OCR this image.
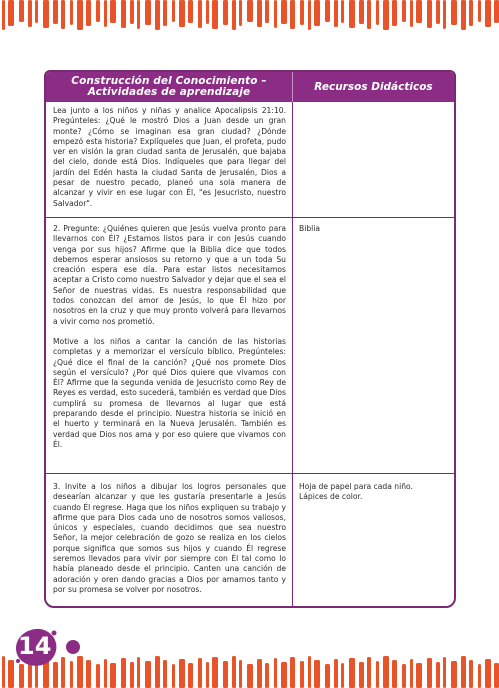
Construcción del Conocimiento –
Actividades de aprendizaje	Recursos Didácticos

Lea junto a los niños y niñas y analice Apocalipsis 21:10. Pregúnteles: ¿Qué le mostró Dios a Juan desde un gran monte? ¿Cómo se imaginan esa gran ciudad? ¿Dónde empezó esta historia? Explíqueles que Juan, el profeta, pudo ver en visión la gran ciudad santa de Jerusalén, que bajaba del cielo, donde está Dios. Indíqueles que para llegar del jardín del Edén hasta la ciudad Santa de Jerusalén, Dios a pesar de nuestro pecado, planeó una sola manera de alcanzar y vivir en ese lugar con Él, "es Jesucristo, nuestro Salvador".

2. Pregunte: ¿Quiénes quieren que Jesús vuelva pronto para llevarnos con Él? ¿Estamos listos para ir con Jesús cuando venga por sus hijos? Afirme que la Biblia dice que todos debemos esperar ansiosos su retorno y que a un toda Su creación espera ese día. Para estar listos necesitamos aceptar a Cristo como nuestro Salvador y dejar que el sea el Señor de nuestras vidas. Es nuestra responsabilidad que todos conozcan del amor de Jesús, lo que Él hizo por nosotros en la cruz y que muy pronto volverá para llevarnos a vivir como nos prometió.

Motive a los niños a cantar la canción de las historias completas y a memorizar el versículo bíblico. Pregúnteles: ¿Qué dice el final de la canción? ¿Qué nos promete Dios según el versículo? ¿Por qué Dios quiere que vivamos con Él? Afirme que la segunda venida de Jesucristo como Rey de Reyes es verdad, esto sucederá, también es verdad que Dios cumplirá su promesa de llevarnos al lugar que está preparando desde el principio. Nuestra historia se inició en el huerto y terminará en la Nueva Jerusalén. También es verdad que Dios nos ama y por eso quiere que vivamos con Él.

Biblia

3. Invite a los niños a dibujar los logros personales que desearían alcanzar y que les gustaría presentarle a Jesús cuando Él regrese. Haga que los niños expliquen su trabajo y afirme que para Dios cada uno de nosotros somos valiosos, únicos y especiales, cuando decidimos que sea nuestro Señor, la mejor celebración de gozo se realiza en los cielos porque significa que somos sus hijos y cuando Él regrese seremos llevados para vivir por siempre con Él tal como lo había planeado desde el principio. Canten una canción de adoración y oren dando gracias a Dios por amarnos tanto y por su promesa se volver por nosotros.

Hoja de papel para cada niño.
Lápices de color.
14
